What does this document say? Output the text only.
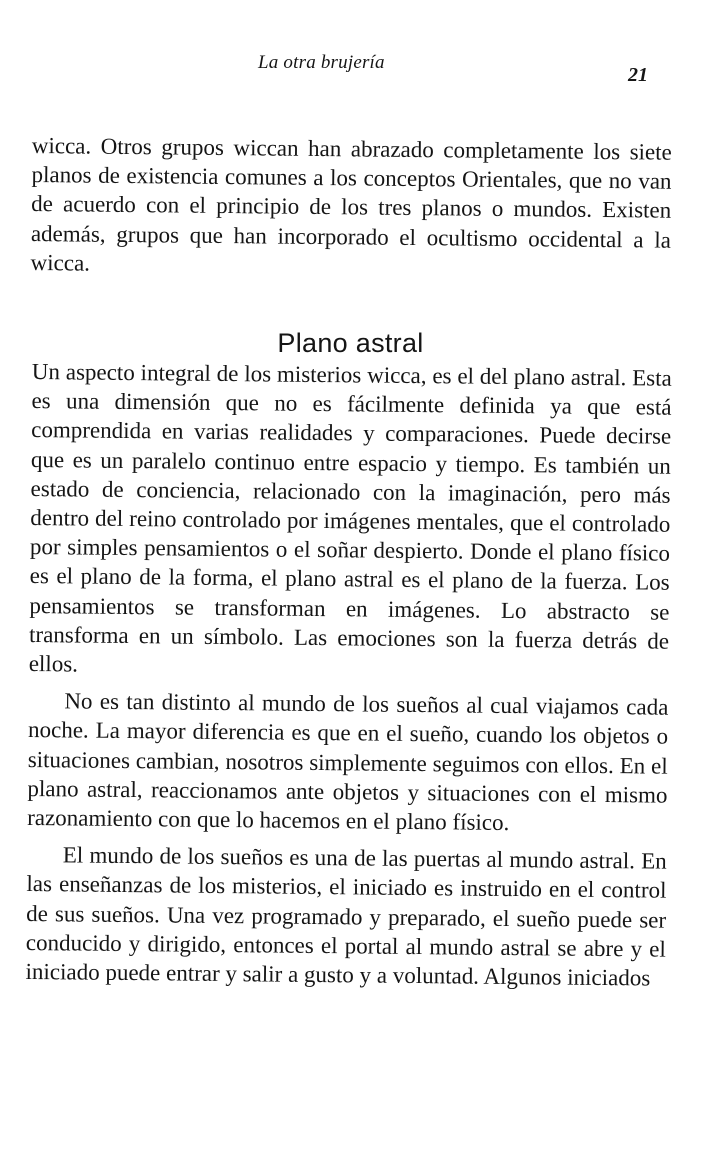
La otra brujería
21

wicca. Otros grupos wiccan han abrazado completamente los siete planos de existencia comunes a los conceptos Orientales, que no van de acuerdo con el principio de los tres planos o mundos. Existen además, grupos que han incorporado el ocultismo occidental a la wicca.

Plano astral

Un aspecto integral de los misterios wicca, es el del plano astral. Esta es una dimensión que no es fácilmente definida ya que está comprendida en varias realidades y comparaciones. Puede decirse que es un paralelo continuo entre espacio y tiempo. Es también un estado de conciencia, relacionado con la imaginación, pero más dentro del reino controlado por imágenes mentales, que el controlado por simples pensamientos o el soñar despierto. Donde el plano físico es el plano de la forma, el plano astral es el plano de la fuerza. Los pensamientos se transforman en imágenes. Lo abstracto se transforma en un símbolo. Las emociones son la fuerza detrás de ellos.

No es tan distinto al mundo de los sueños al cual viajamos cada noche. La mayor diferencia es que en el sueño, cuando los objetos o situaciones cambian, nosotros simplemente seguimos con ellos. En el plano astral, reaccionamos ante objetos y situaciones con el mismo razonamiento con que lo hacemos en el plano físico.

El mundo de los sueños es una de las puertas al mundo astral. En las enseñanzas de los misterios, el iniciado es instruido en el control de sus sueños. Una vez programado y preparado, el sueño puede ser conducido y dirigido, entonces el portal al mundo astral se abre y el iniciado puede entrar y salir a gusto y a voluntad. Algunos iniciados
